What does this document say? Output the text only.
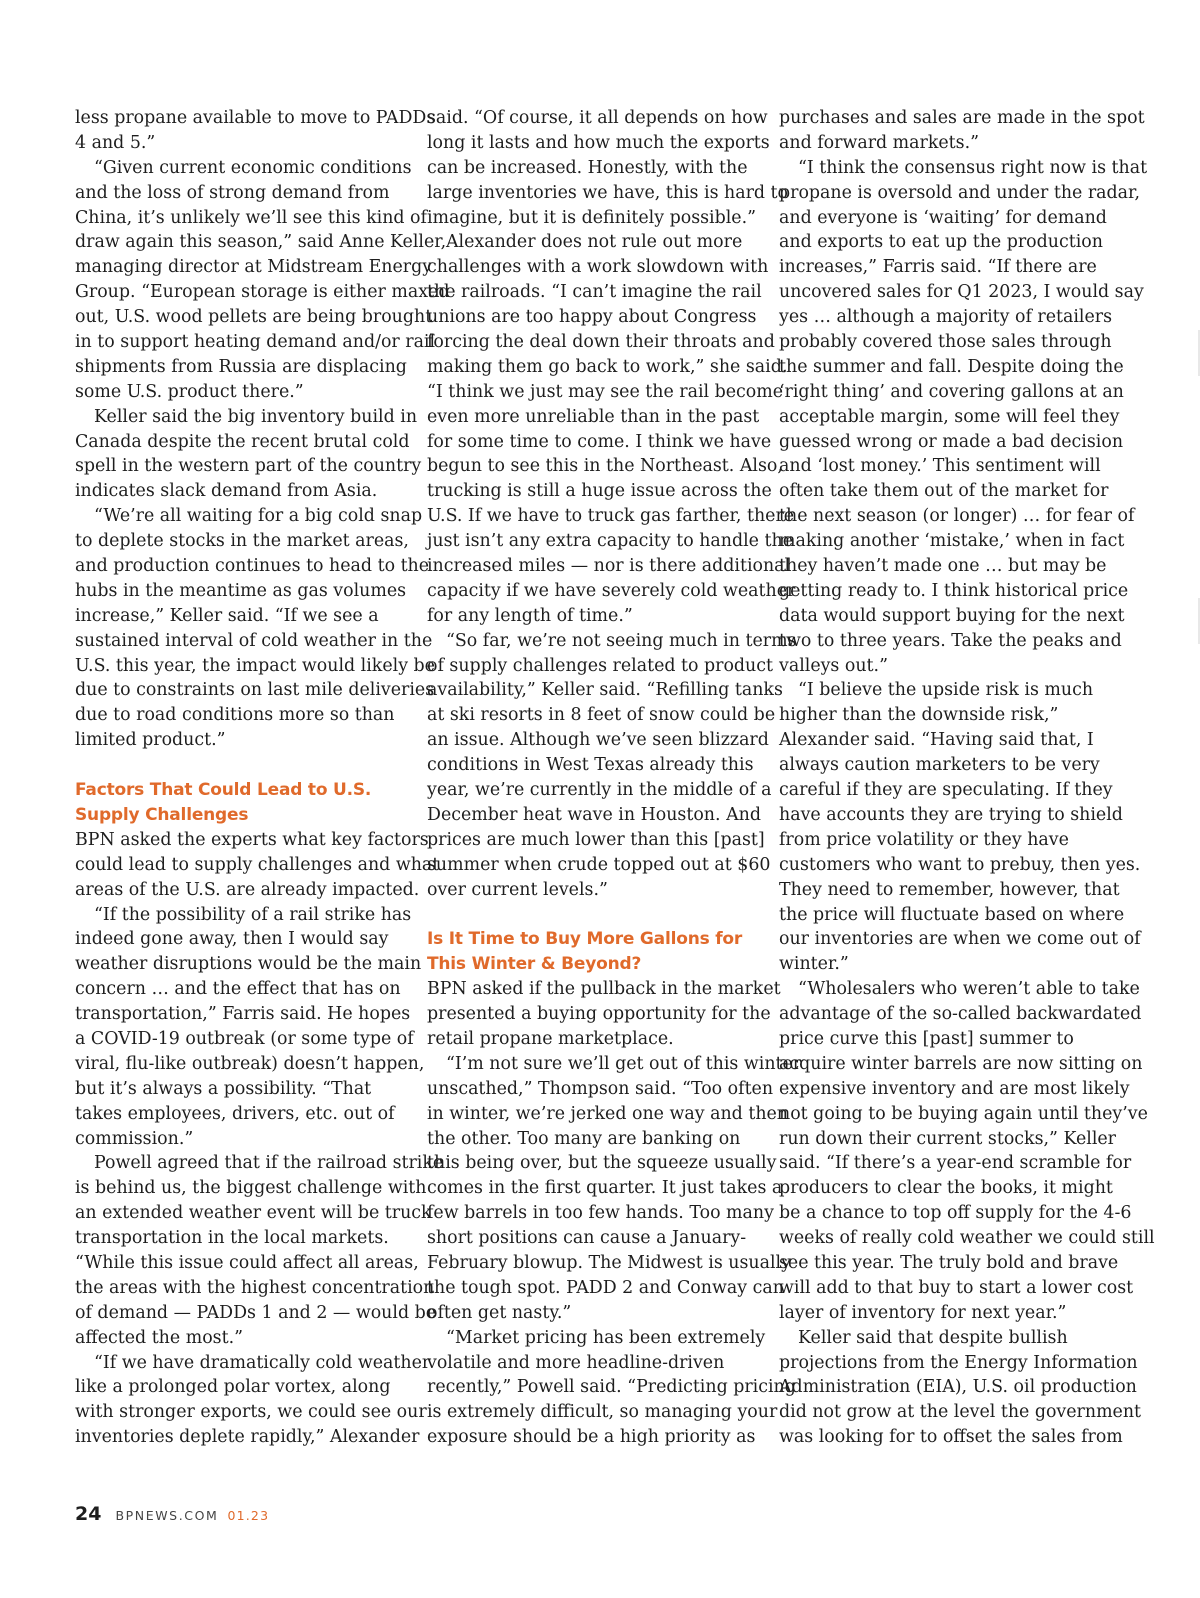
less propane available to move to PADDs
4 and 5.”
“Given current economic conditions
and the loss of strong demand from
China, it’s unlikely we’ll see this kind of
draw again this season,” said Anne Keller,
managing director at Midstream Energy
Group. “European storage is either maxed
out, U.S. wood pellets are being brought
in to support heating demand and/or rail
shipments from Russia are displacing
some U.S. product there.”
Keller said the big inventory build in
Canada despite the recent brutal cold
spell in the western part of the country
indicates slack demand from Asia.
“We’re all waiting for a big cold snap
to deplete stocks in the market areas,
and production continues to head to the
hubs in the meantime as gas volumes
increase,” Keller said. “If we see a
sustained interval of cold weather in the
U.S. this year, the impact would likely be
due to constraints on last mile deliveries
due to road conditions more so than
limited product.”
Factors That Could Lead to U.S.
Supply Challenges
BPN asked the experts what key factors
could lead to supply challenges and what
areas of the U.S. are already impacted.
“If the possibility of a rail strike has
indeed gone away, then I would say
weather disruptions would be the main
concern … and the effect that has on
transportation,” Farris said. He hopes
a COVID-19 outbreak (or some type of
viral, flu-like outbreak) doesn’t happen,
but it’s always a possibility. “That
takes employees, drivers, etc. out of
commission.”
Powell agreed that if the railroad strike
is behind us, the biggest challenge with
an extended weather event will be truck
transportation in the local markets.
“While this issue could affect all areas,
the areas with the highest concentration
of demand — PADDs 1 and 2 — would be
affected the most.”
“If we have dramatically cold weather
like a prolonged polar vortex, along
with stronger exports, we could see our
inventories deplete rapidly,” Alexander
said. “Of course, it all depends on how
long it lasts and how much the exports
can be increased. Honestly, with the
large inventories we have, this is hard to
imagine, but it is definitely possible.”
Alexander does not rule out more
challenges with a work slowdown with
the railroads. “I can’t imagine the rail
unions are too happy about Congress
forcing the deal down their throats and
making them go back to work,” she said.
“I think we just may see the rail become
even more unreliable than in the past
for some time to come. I think we have
begun to see this in the Northeast. Also,
trucking is still a huge issue across the
U.S. If we have to truck gas farther, there
just isn’t any extra capacity to handle the
increased miles — nor is there additional
capacity if we have severely cold weather
for any length of time.”
“So far, we’re not seeing much in terms
of supply challenges related to product
availability,” Keller said. “Refilling tanks
at ski resorts in 8 feet of snow could be
an issue. Although we’ve seen blizzard
conditions in West Texas already this
year, we’re currently in the middle of a
December heat wave in Houston. And
prices are much lower than this [past]
summer when crude topped out at $60
over current levels.”
Is It Time to Buy More Gallons for
This Winter & Beyond?
BPN asked if the pullback in the market
presented a buying opportunity for the
retail propane marketplace.
“I’m not sure we’ll get out of this winter
unscathed,” Thompson said. “Too often
in winter, we’re jerked one way and then
the other. Too many are banking on
this being over, but the squeeze usually
comes in the first quarter. It just takes a
few barrels in too few hands. Too many
short positions can cause a January-
February blowup. The Midwest is usually
the tough spot. PADD 2 and Conway can
often get nasty.”
“Market pricing has been extremely
volatile and more headline-driven
recently,” Powell said. “Predicting pricing
is extremely difficult, so managing your
exposure should be a high priority as
purchases and sales are made in the spot
and forward markets.”
“I think the consensus right now is that
propane is oversold and under the radar,
and everyone is ‘waiting’ for demand
and exports to eat up the production
increases,” Farris said. “If there are
uncovered sales for Q1 2023, I would say
yes … although a majority of retailers
probably covered those sales through
the summer and fall. Despite doing the
‘right thing’ and covering gallons at an
acceptable margin, some will feel they
guessed wrong or made a bad decision
and ‘lost money.’ This sentiment will
often take them out of the market for
the next season (or longer) … for fear of
making another ‘mistake,’ when in fact
they haven’t made one … but may be
getting ready to. I think historical price
data would support buying for the next
two to three years. Take the peaks and
valleys out.”
“I believe the upside risk is much
higher than the downside risk,”
Alexander said. “Having said that, I
always caution marketers to be very
careful if they are speculating. If they
have accounts they are trying to shield
from price volatility or they have
customers who want to prebuy, then yes.
They need to remember, however, that
the price will fluctuate based on where
our inventories are when we come out of
winter.”
“Wholesalers who weren’t able to take
advantage of the so-called backwardated
price curve this [past] summer to
acquire winter barrels are now sitting on
expensive inventory and are most likely
not going to be buying again until they’ve
run down their current stocks,” Keller
said. “If there’s a year-end scramble for
producers to clear the books, it might
be a chance to top off supply for the 4-6
weeks of really cold weather we could still
see this year. The truly bold and brave
will add to that buy to start a lower cost
layer of inventory for next year.”
Keller said that despite bullish
projections from the Energy Information
Administration (EIA), U.S. oil production
did not grow at the level the government
was looking for to offset the sales from
24 BPNEWS.COM 01.23
